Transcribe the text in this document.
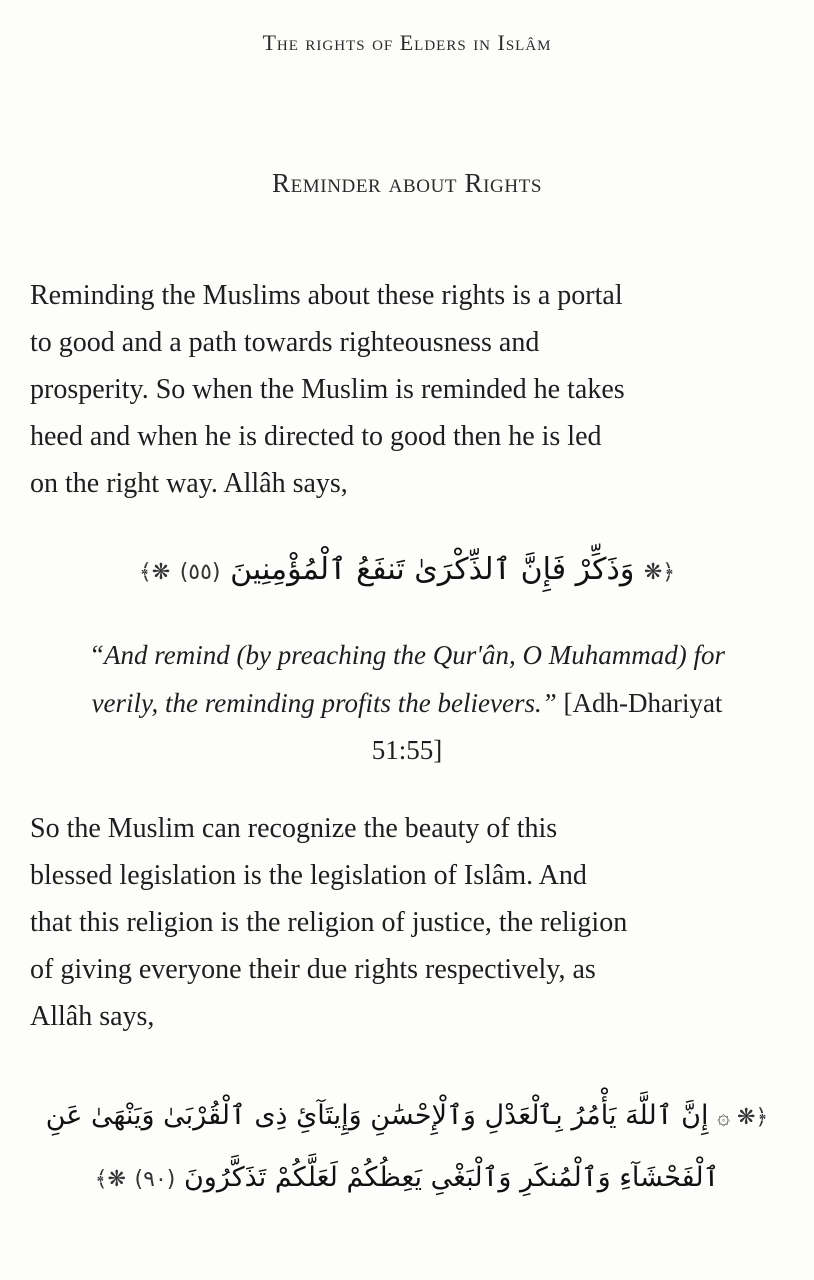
The rights of Elders in Islâm
Reminder about Rights
Reminding the Muslims about these rights is a portal
to good and a path towards righteousness and
prosperity. So when the Muslim is reminded he takes
heed and when he is directed to good then he is led
on the right way. Allâh says,
﴿❋ وَذَكِّرْ فَإِنَّ ٱلذِّكْرَىٰ تَنفَعُ ٱلْمُؤْمِنِينَ (٥٥) ❋﴾
“And remind (by preaching the Qur'ân, O Muhammad) for
verily, the reminding profits the believers.” [Adh-Dhariyat
51:55]
So the Muslim can recognize the beauty of this
blessed legislation is the legislation of Islâm. And
that this religion is the religion of justice, the religion
of giving everyone their due rights respectively, as
Allâh says,
﴿❋ ۞ إِنَّ ٱللَّهَ يَأْمُرُ بِٱلْعَدْلِ وَٱلْإِحْسَٰنِ وَإِيتَآئِ ذِى ٱلْقُرْبَىٰ وَيَنْهَىٰ عَنِ
ٱلْفَحْشَآءِ وَٱلْمُنكَرِ وَٱلْبَغْىِ يَعِظُكُمْ لَعَلَّكُمْ تَذَكَّرُونَ (٩٠) ❋﴾
